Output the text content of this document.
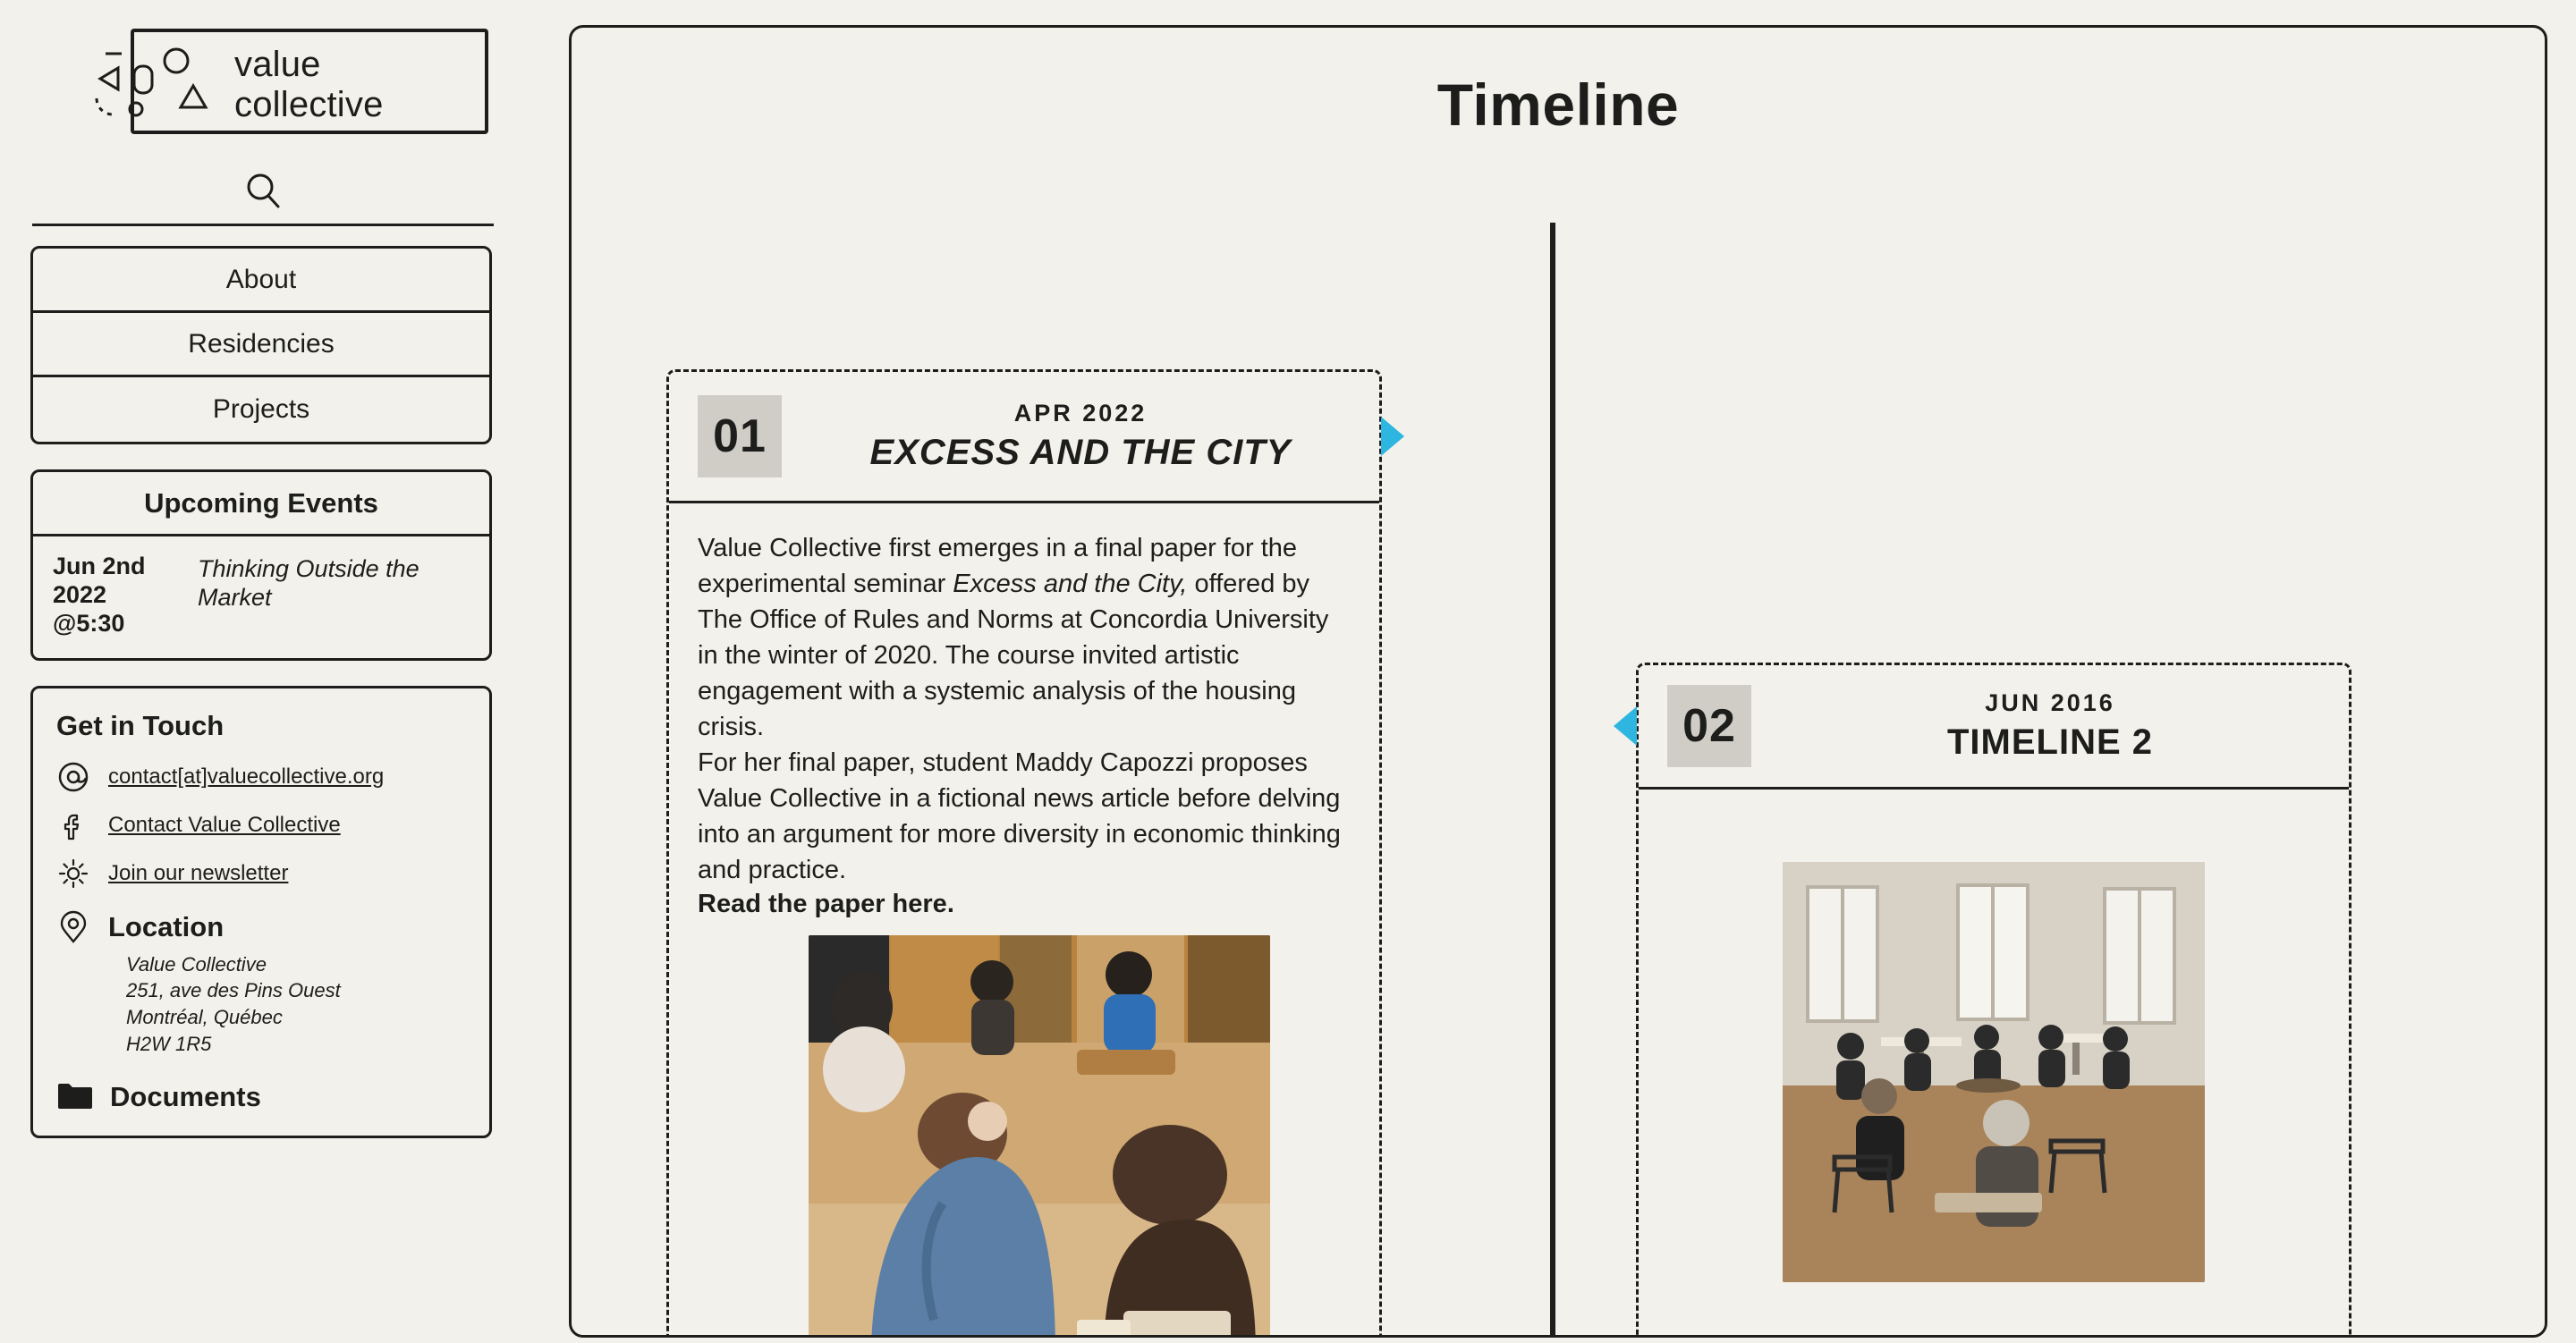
value
collective
About
Residencies
Projects
Upcoming Events
Jun 2nd 2022 @5:30
Thinking Outside the Market
Get in Touch
contact[at]valuecollective.org
Contact Value Collective
Join our newsletter
Location
Value Collective
251, ave des Pins Ouest
Montréal, Québec
H2W 1R5
Documents
Timeline
01	APR 2022
EXCESS AND THE CITY

Value Collective first emerges in a final paper for the experimental seminar Excess and the City, offered by The Office of Rules and Norms at Concordia University in the winter of 2020. The course invited artistic engagement with a systemic analysis of the housing crisis.

For her final paper, student Maddy Capozzi proposes Value Collective in a fictional news article before delving into an argument for more diversity in economic thinking and practice.

Read the paper here.
02	JUN 2016
TIMELINE 2
